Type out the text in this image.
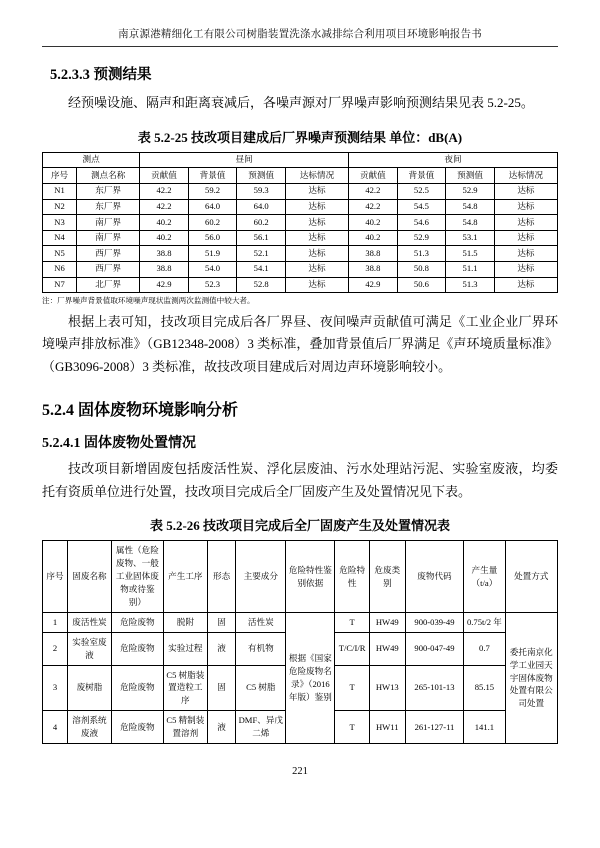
南京源港精细化工有限公司树脂装置洗涤水减排综合利用项目环境影响报告书
5.2.3.3 预测结果

经预噪设施、隔声和距离衰减后，各噪声源对厂界噪声影响预测结果见表 5.2-25。

表 5.2-25 技改项目建成后厂界噪声预测结果 单位：dB(A)
测点		昼间				夜间			
序号	测点名称	贡献值	背景值	预测值	达标情况	贡献值	背景值	预测值	达标情况
N1	东厂界	42.2	59.2	59.3	达标	42.2	52.5	52.9	达标
N2	东厂界	42.2	64.0	64.0	达标	42.2	54.5	54.8	达标
N3	南厂界	40.2	60.2	60.2	达标	40.2	54.6	54.8	达标
N4	南厂界	40.2	56.0	56.1	达标	40.2	52.9	53.1	达标
N5	西厂界	38.8	51.9	52.1	达标	38.8	51.3	51.5	达标
N6	西厂界	38.8	54.0	54.1	达标	38.8	50.8	51.1	达标
N7	北厂界	42.9	52.3	52.8	达标	42.9	50.6	51.3	达标
注：厂界噪声背景值取环境噪声现状监测两次监测值中较大者。

根据上表可知，技改项目完成后各厂界昼、夜间噪声贡献值可满足《工业企业厂界环境噪声排放标准》（GB12348-2008）3 类标准，叠加背景值后厂界满足《声环境质量标准》（GB3096-2008）3 类标准，故技改项目建成后对周边声环境影响较小。

5.2.4 固体废物环境影响分析
5.2.4.1 固体废物处置情况

技改项目新增固废包括废活性炭、浮化层废油、污水处理站污泥、实验室废液，均委托有资质单位进行处置，技改项目完成后全厂固废产生及处置情况见下表。

表 5.2-26 技改项目完成后全厂固废产生及处置情况表
序号	固废名称	属性（危险废物、一般工业固体废物或待鉴别）	产生工序	形态	主要成分	危险特性鉴别依据	危险特性	危废类别	废物代码	产生量（t/a）	处置方式
1	废活性炭	危险废物	脱附	固	活性炭	根据《国家危险废物名录》（2016 年版）鉴别	T	HW49	900-039-49	0.75t/2 年	委托南京化学工业园天宇固体废物处置有限公司处置
2	实验室废液	危险废物	实验过程	液	有机物		T/C/I/R	HW49	900-047-49	0.7	
3	废树脂	危险废物	C5 树脂装置造粒工序	固	C5 树脂		T	HW13	265-101-13	85.15	
4	溶剂系统废液	危险废物	C5 精制装置溶剂	液	DMF、异戊二烯		T	HW11	261-127-11	141.1	
221
